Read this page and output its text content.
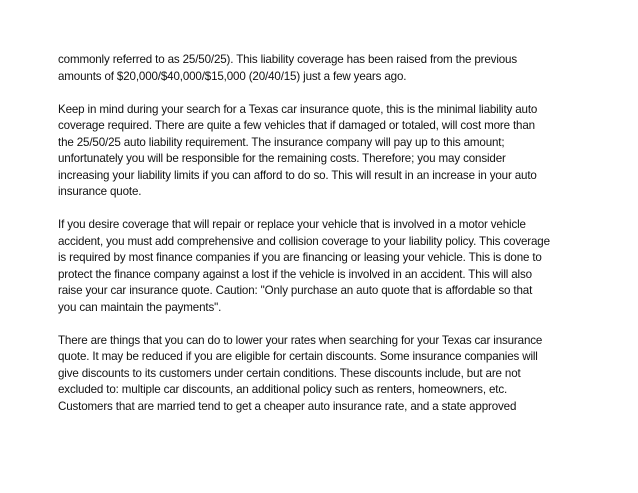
commonly referred to as 25/50/25). This liability coverage has been raised from the previous
amounts of $20,000/$40,000/$15,000 (20/40/15) just a few years ago.

Keep in mind during your search for a Texas car insurance quote, this is the minimal liability auto
coverage required. There are quite a few vehicles that if damaged or totaled, will cost more than
the 25/50/25 auto liability requirement. The insurance company will pay up to this amount;
unfortunately you will be responsible for the remaining costs. Therefore; you may consider
increasing your liability limits if you can afford to do so. This will result in an increase in your auto
insurance quote.

If you desire coverage that will repair or replace your vehicle that is involved in a motor vehicle
accident, you must add comprehensive and collision coverage to your liability policy. This coverage
is required by most finance companies if you are financing or leasing your vehicle. This is done to
protect the finance company against a lost if the vehicle is involved in an accident. This will also
raise your car insurance quote. Caution: "Only purchase an auto quote that is affordable so that
you can maintain the payments".

There are things that you can do to lower your rates when searching for your Texas car insurance
quote. It may be reduced if you are eligible for certain discounts. Some insurance companies will
give discounts to its customers under certain conditions. These discounts include, but are not
excluded to: multiple car discounts, an additional policy such as renters, homeowners, etc.
Customers that are married tend to get a cheaper auto insurance rate, and a state approved
